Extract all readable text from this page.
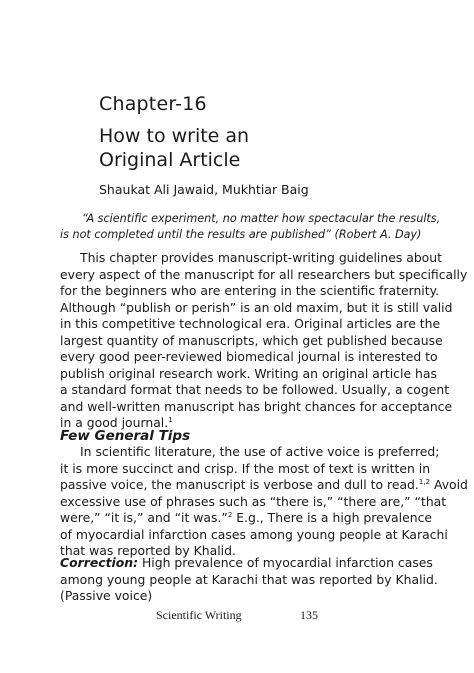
Chapter-16
How to write an
Original Article
Shaukat Ali Jawaid, Mukhtiar Baig
“A scientific experiment, no matter how spectacular the results,
is not completed until the results are published” (Robert A. Day)
This chapter provides manuscript-writing guidelines about
every aspect of the manuscript for all researchers but specifically
for the beginners who are entering in the scientific fraternity.
Although “publish or perish” is an old maxim, but it is still valid
in this competitive technological era. Original articles are the
largest quantity of manuscripts, which get published because
every good peer-reviewed biomedical journal is interested to
publish original research work. Writing an original article has
a standard format that needs to be followed. Usually, a cogent
and well-written manuscript has bright chances for acceptance
in a good journal.$^1$
Few General Tips
In scientific literature, the use of active voice is preferred;
it is more succinct and crisp. If the most of text is written in
passive voice, the manuscript is verbose and dull to read.$^{1,2}$ Avoid
excessive use of phrases such as “there is,” “there are,” “that
were,” “it is,” and “it was.”$^2$ E.g., There is a high prevalence
of myocardial infarction cases among young people at Karachi
that was reported by Khalid.
Correction: High prevalence of myocardial infarction cases
among young people at Karachi that was reported by Khalid.
(Passive voice)
Scientific Writing	135
